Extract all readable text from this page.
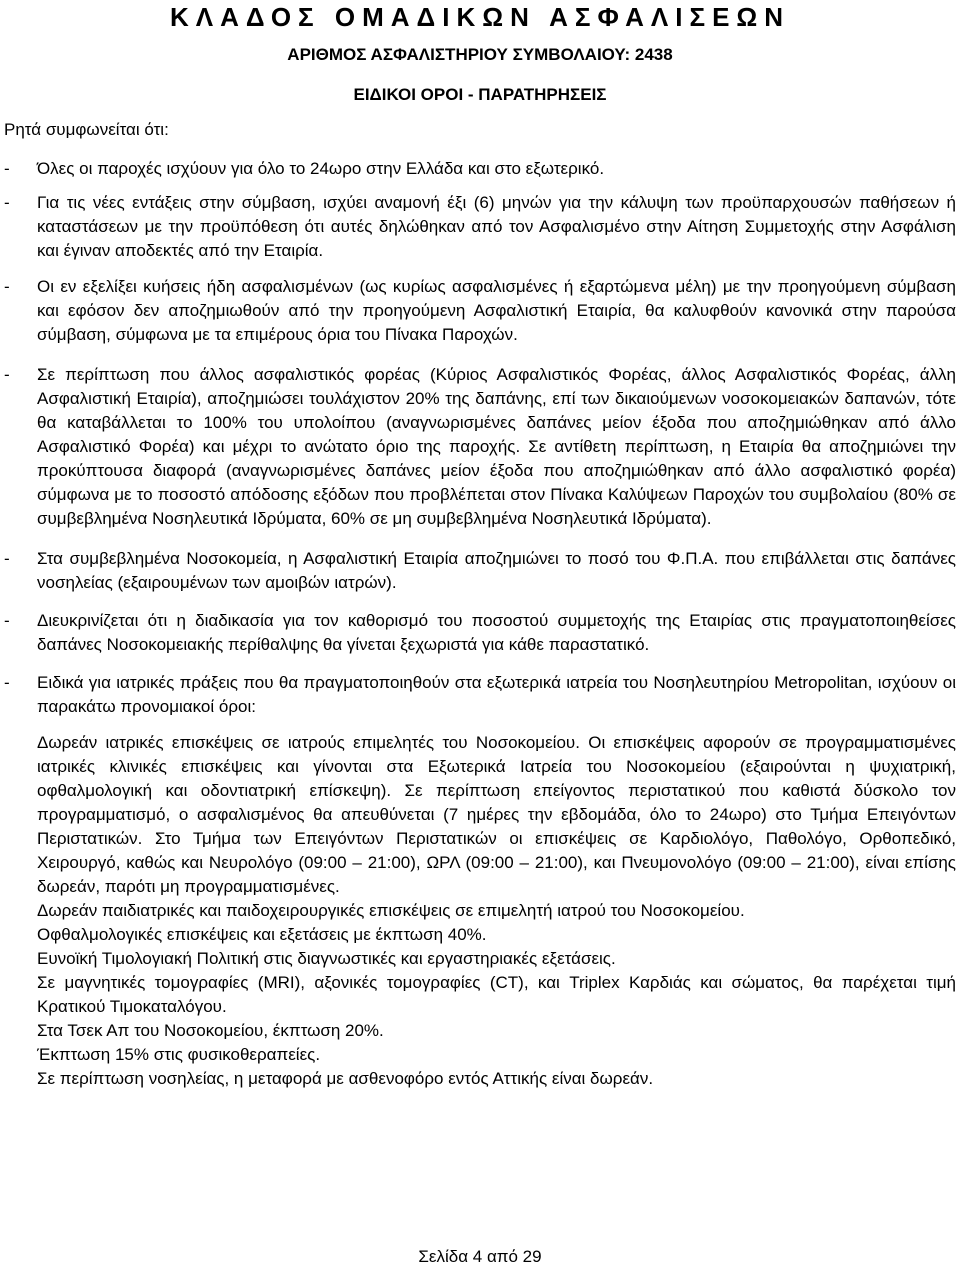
ΚΛΑΔΟΣ ΟΜΑΔΙΚΩΝ ΑΣΦΑΛΙΣΕΩΝ
ΑΡΙΘΜΟΣ ΑΣΦΑΛΙΣΤΗΡΙΟΥ ΣΥΜΒΟΛΑΙΟΥ: 2438
ΕΙΔΙΚΟΙ ΟΡΟΙ - ΠΑΡΑΤΗΡΗΣΕΙΣ
Ρητά συμφωνείται ότι:
-	Όλες οι παροχές ισχύουν για όλο το 24ωρο στην Ελλάδα και στο εξωτερικό.
-	Για τις νέες εντάξεις στην σύμβαση, ισχύει αναμονή έξι (6) μηνών για την κάλυψη των προϋπαρχουσών παθήσεων ή καταστάσεων με την προϋπόθεση ότι αυτές δηλώθηκαν από τον Ασφαλισμένο στην Αίτηση Συμμετοχής στην Ασφάλιση και έγιναν αποδεκτές από την Εταιρία.
-	Οι εν εξελίξει κυήσεις ήδη ασφαλισμένων (ως κυρίως ασφαλισμένες ή εξαρτώμενα μέλη) με την προηγούμενη σύμβαση και εφόσον δεν αποζημιωθούν από την προηγούμενη Ασφαλιστική Εταιρία, θα καλυφθούν κανονικά στην παρούσα σύμβαση, σύμφωνα με τα επιμέρους όρια του Πίνακα Παροχών.
-	Σε περίπτωση που άλλος ασφαλιστικός φορέας (Κύριος Ασφαλιστικός Φορέας, άλλος Ασφαλιστικός Φορέας, άλλη Ασφαλιστική Εταιρία), αποζημιώσει τουλάχιστον 20% της δαπάνης, επί των δικαιούμενων νοσοκομειακών δαπανών, τότε θα καταβάλλεται το 100% του υπολοίπου (αναγνωρισμένες δαπάνες μείον έξοδα που αποζημιώθηκαν από άλλο Ασφαλιστικό Φορέα) και μέχρι το ανώτατο όριο της παροχής. Σε αντίθετη περίπτωση, η Εταιρία θα αποζημιώνει την προκύπτουσα διαφορά (αναγνωρισμένες δαπάνες μείον έξοδα που αποζημιώθηκαν από άλλο ασφαλιστικό φορέα) σύμφωνα με το ποσοστό απόδοσης εξόδων που προβλέπεται στον Πίνακα Καλύψεων Παροχών του συμβολαίου (80% σε συμβεβλημένα Νοσηλευτικά Ιδρύματα, 60% σε μη συμβεβλημένα Νοσηλευτικά Ιδρύματα).
-	Στα συμβεβλημένα Νοσοκομεία, η Ασφαλιστική Εταιρία αποζημιώνει το ποσό του Φ.Π.Α. που επιβάλλεται στις δαπάνες νοσηλείας (εξαιρουμένων των αμοιβών ιατρών).
-	Διευκρινίζεται ότι η διαδικασία για τον καθορισμό του ποσοστού συμμετοχής της Εταιρίας στις πραγματοποιηθείσες δαπάνες Νοσοκομειακής περίθαλψης θα γίνεται ξεχωριστά για κάθε παραστατικό.
-	Ειδικά για ιατρικές πράξεις που θα πραγματοποιηθούν στα εξωτερικά ιατρεία του Νοσηλευτηρίου Metropolitan, ισχύουν οι παρακάτω προνομιακοί όροι:

Δωρεάν ιατρικές επισκέψεις σε ιατρούς επιμελητές του Νοσοκομείου. Οι επισκέψεις αφορούν σε προγραμματισμένες ιατρικές κλινικές επισκέψεις και γίνονται στα Εξωτερικά Ιατρεία του Νοσοκομείου (εξαιρούνται η ψυχιατρική, οφθαλμολογική και οδοντιατρική επίσκεψη). Σε περίπτωση επείγοντος περιστατικού που καθιστά δύσκολο τον προγραμματισμό, ο ασφαλισμένος θα απευθύνεται (7 ημέρες την εβδομάδα, όλο το 24ωρο) στο Τμήμα Επειγόντων Περιστατικών. Στο Τμήμα των Επειγόντων Περιστατικών οι επισκέψεις σε Καρδιολόγο, Παθολόγο, Ορθοπεδικό, Χειρουργό, καθώς και Νευρολόγο (09:00 – 21:00), ΩΡΛ (09:00 – 21:00), και Πνευμονολόγο (09:00 – 21:00), είναι επίσης δωρεάν, παρότι μη προγραμματισμένες.

Δωρεάν παιδιατρικές και παιδοχειρουργικές επισκέψεις σε επιμελητή ιατρού του Νοσοκομείου.

Οφθαλμολογικές επισκέψεις και εξετάσεις με έκπτωση 40%.

Ευνοϊκή Τιμολογιακή Πολιτική στις διαγνωστικές και εργαστηριακές εξετάσεις.

Σε μαγνητικές τομογραφίες (MRI), αξονικές τομογραφίες (CT), και Triplex Καρδιάς και σώματος, θα παρέχεται τιμή Κρατικού Τιμοκαταλόγου.

Στα Τσεκ Απ του Νοσοκομείου, έκπτωση 20%.

Έκπτωση 15% στις φυσικοθεραπείες.

Σε περίπτωση νοσηλείας, η μεταφορά με ασθενοφόρο εντός Αττικής είναι δωρεάν.

Σελίδα 4 από 29
